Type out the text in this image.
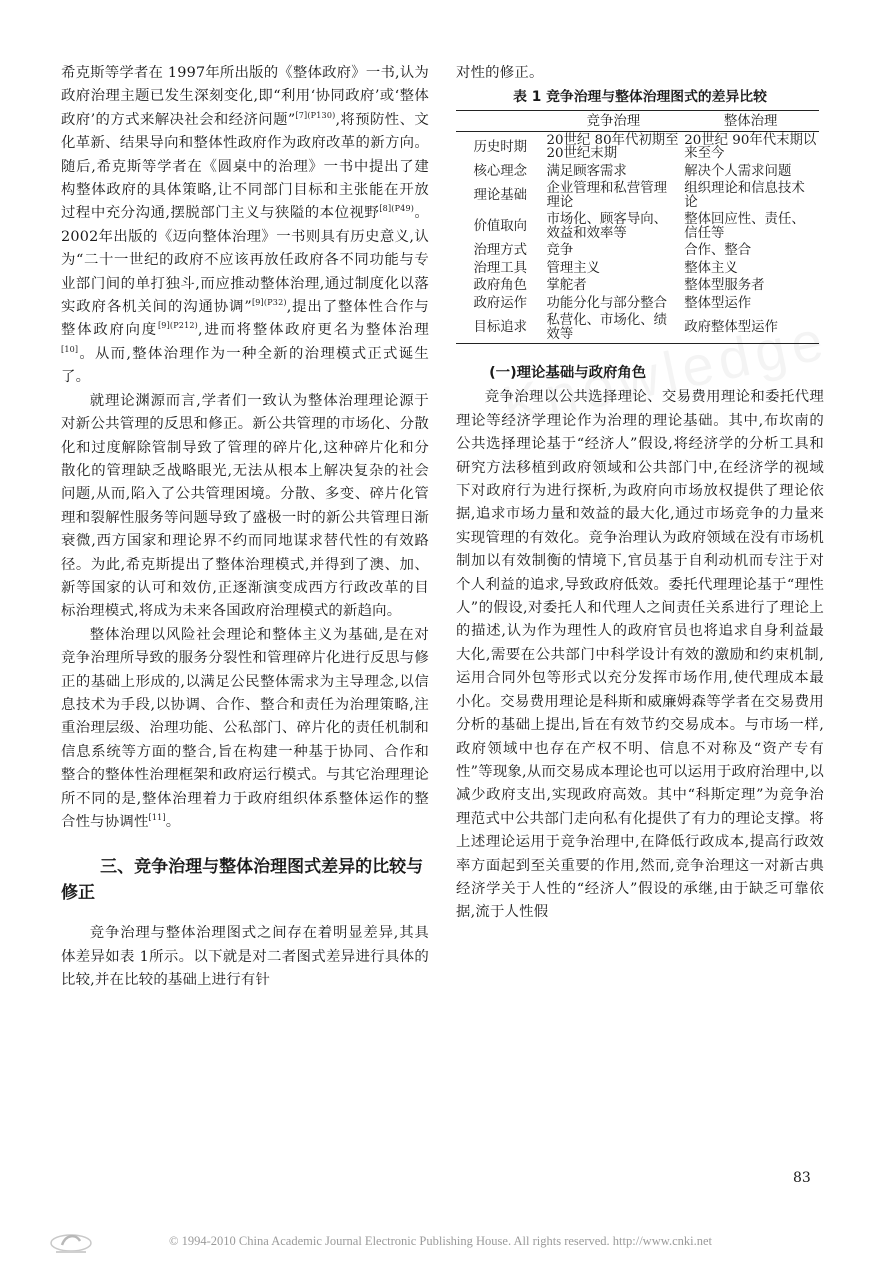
希克斯等学者在 1997年所出版的《整体政府》一书,认为政府治理主题已发生深刻变化,即“利用‘协同政府’或‘整体政府’的方式来解决社会和经济问题”$^{[7](P130)}$,将预防性、文化革新、结果导向和整体性政府作为政府改革的新方向。随后,希克斯等学者在《圆桌中的治理》一书中提出了建构整体政府的具体策略,让不同部门目标和主张能在开放过程中充分沟通,摆脱部门主义与狭隘的本位视野$^{[8](P49)}$。2002年出版的《迈向整体治理》一书则具有历史意义,认为“二十一世纪的政府不应该再放任政府各不同功能与专业部门间的单打独斗,而应推动整体治理,通过制度化以落实政府各机关间的沟通协调”$^{[9](P32)}$,提出了整体性合作与整体政府向度$^{[9](P212)}$,进而将整体政府更名为整体治理[10]。从而,整体治理作为一种全新的治理模式正式诞生了。

就理论渊源而言,学者们一致认为整体治理理论源于对新公共管理的反思和修正。新公共管理的市场化、分散化和过度解除管制导致了管理的碎片化,这种碎片化和分散化的管理缺乏战略眼光,无法从根本上解决复杂的社会问题,从而,陷入了公共管理困境。分散、多变、碎片化管理和裂解性服务等问题导致了盛极一时的新公共管理日渐衰微,西方国家和理论界不约而同地谋求替代性的有效路径。为此,希克斯提出了整体治理模式,并得到了澳、加、新等国家的认可和效仿,正逐渐演变成西方行政改革的目标治理模式,将成为未来各国政府治理模式的新趋向。

整体治理以风险社会理论和整体主义为基础,是在对竞争治理所导致的服务分裂性和管理碎片化进行反思与修正的基础上形成的,以满足公民整体需求为主导理念,以信息技术为手段,以协调、合作、整合和责任为治理策略,注重治理层级、治理功能、公私部门、碎片化的责任机制和信息系统等方面的整合,旨在构建一种基于协同、合作和整合的整体性治理框架和政府运行模式。与其它治理理论所不同的是,整体治理着力于政府组织体系整体运作的整合性与协调性[11]。

三、竞争治理与整体治理图式差异的比较与修正

竞争治理与整体治理图式之间存在着明显差异,其具体差异如表 1所示。以下就是对二者图式差异进行具体的比较,并在比较的基础上进行有针

对性的修正。

表 1 竞争治理与整体治理图式的差异比较
	竞争治理	整体治理
历史时期	20世纪 80年代初期至 20世纪末期	20世纪 90年代末期以来至今
核心理念	满足顾客需求	解决个人需求问题
理论基础	企业管理和私营管理理论	组织理论和信息技术论
价值取向	市场化、顾客导向、效益和效率等	整体回应性、责任、信任等
治理方式	竞争	合作、整合
治理工具	管理主义	整体主义
政府角色	掌舵者	整体型服务者
政府运作	功能分化与部分整合	整体型运作
目标追求	私营化、市场化、绩效等	政府整体型运作
(一)理论基础与政府角色

竞争治理以公共选择理论、交易费用理论和委托代理理论等经济学理论作为治理的理论基础。其中,布坎南的公共选择理论基于“经济人”假设,将经济学的分析工具和研究方法移植到政府领域和公共部门中,在经济学的视域下对政府行为进行探析,为政府向市场放权提供了理论依据,追求市场力量和效益的最大化,通过市场竞争的力量来实现管理的有效化。竞争治理认为政府领域在没有市场机制加以有效制衡的情境下,官员基于自利动机而专注于对个人利益的追求,导致政府低效。委托代理理论基于“理性人”的假设,对委托人和代理人之间责任关系进行了理论上的描述,认为作为理性人的政府官员也将追求自身利益最大化,需要在公共部门中科学设计有效的激励和约束机制,运用合同外包等形式以充分发挥市场作用,使代理成本最小化。交易费用理论是科斯和威廉姆森等学者在交易费用分析的基础上提出,旨在有效节约交易成本。与市场一样,政府领域中也存在产权不明、信息不对称及“资产专有性”等现象,从而交易成本理论也可以运用于政府治理中,以减少政府支出,实现政府高效。其中“科斯定理”为竞争治理范式中公共部门走向私有化提供了有力的理论支撑。将上述理论运用于竞争治理中,在降低行政成本,提高行政效率方面起到至关重要的作用,然而,竞争治理这一对新古典经济学关于人性的“经济人”假设的承继,由于缺乏可靠依据,流于人性假

83
© 1994-2010 China Academic Journal Electronic Publishing House. All rights reserved. http://www.cnki.net
